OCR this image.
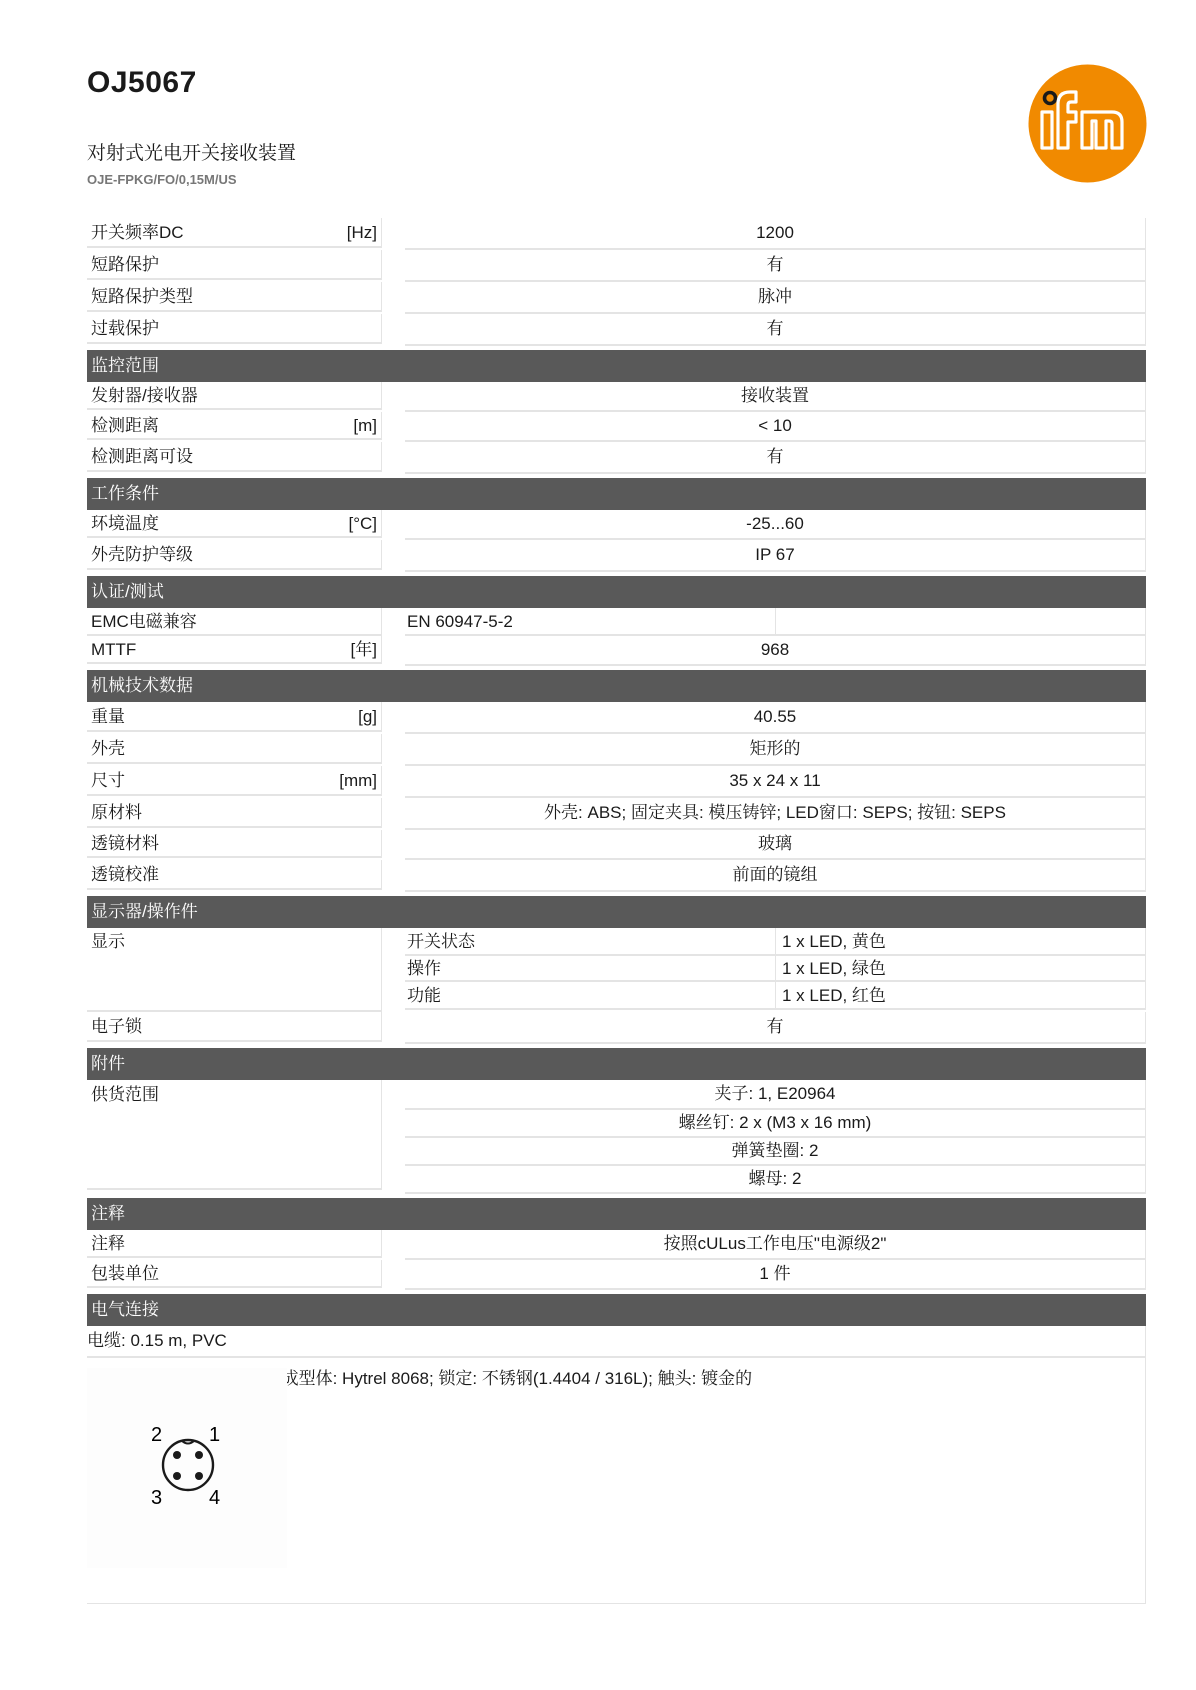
OJ5067
对射式光电开关接收装置
OJE-FPKG/FO/0,15M/US
开关频率DC	[Hz]	1200
短路保护	有
短路保护类型	脉冲
过载保护	有
监控范围
发射器/接收器	接收装置
检测距离	[m]	< 10
检测距离可设	有
工作条件
环境温度	[°C]	-25...60
外壳防护等级	IP 67
认证/测试
EMC电磁兼容	EN 60947-5-2
MTTF	[年]	968
机械技术数据
重量	[g]	40.55
外壳	矩形的
尺寸	[mm]	35 x 24 x 11
原材料	外壳: ABS; 固定夹具: 模压铸锌; LED窗口: SEPS; 按钮: SEPS
透镜材料	玻璃
透镜校准	前面的镜组
显示器/操作件
显示	开关状态	1 x LED, 黄色
操作	1 x LED, 绿色
功能	1 x LED, 红色
电子锁	有
附件
供货范围	夹子: 1, E20964
螺丝钉: 2 x (M3 x 16 mm)
弹簧垫圈: 2
螺母: 2
注释
注释	按照cULus工作电压"电源级2"
包装单位	1 件
电气连接
电缆: 0.15 m, PVC
接插件: 1 x M12; 译码: A; 成型体: Hytrel 8068; 锁定: 不锈钢(1.4404 / 316L); 触头: 镀金的
1
2
3 4
